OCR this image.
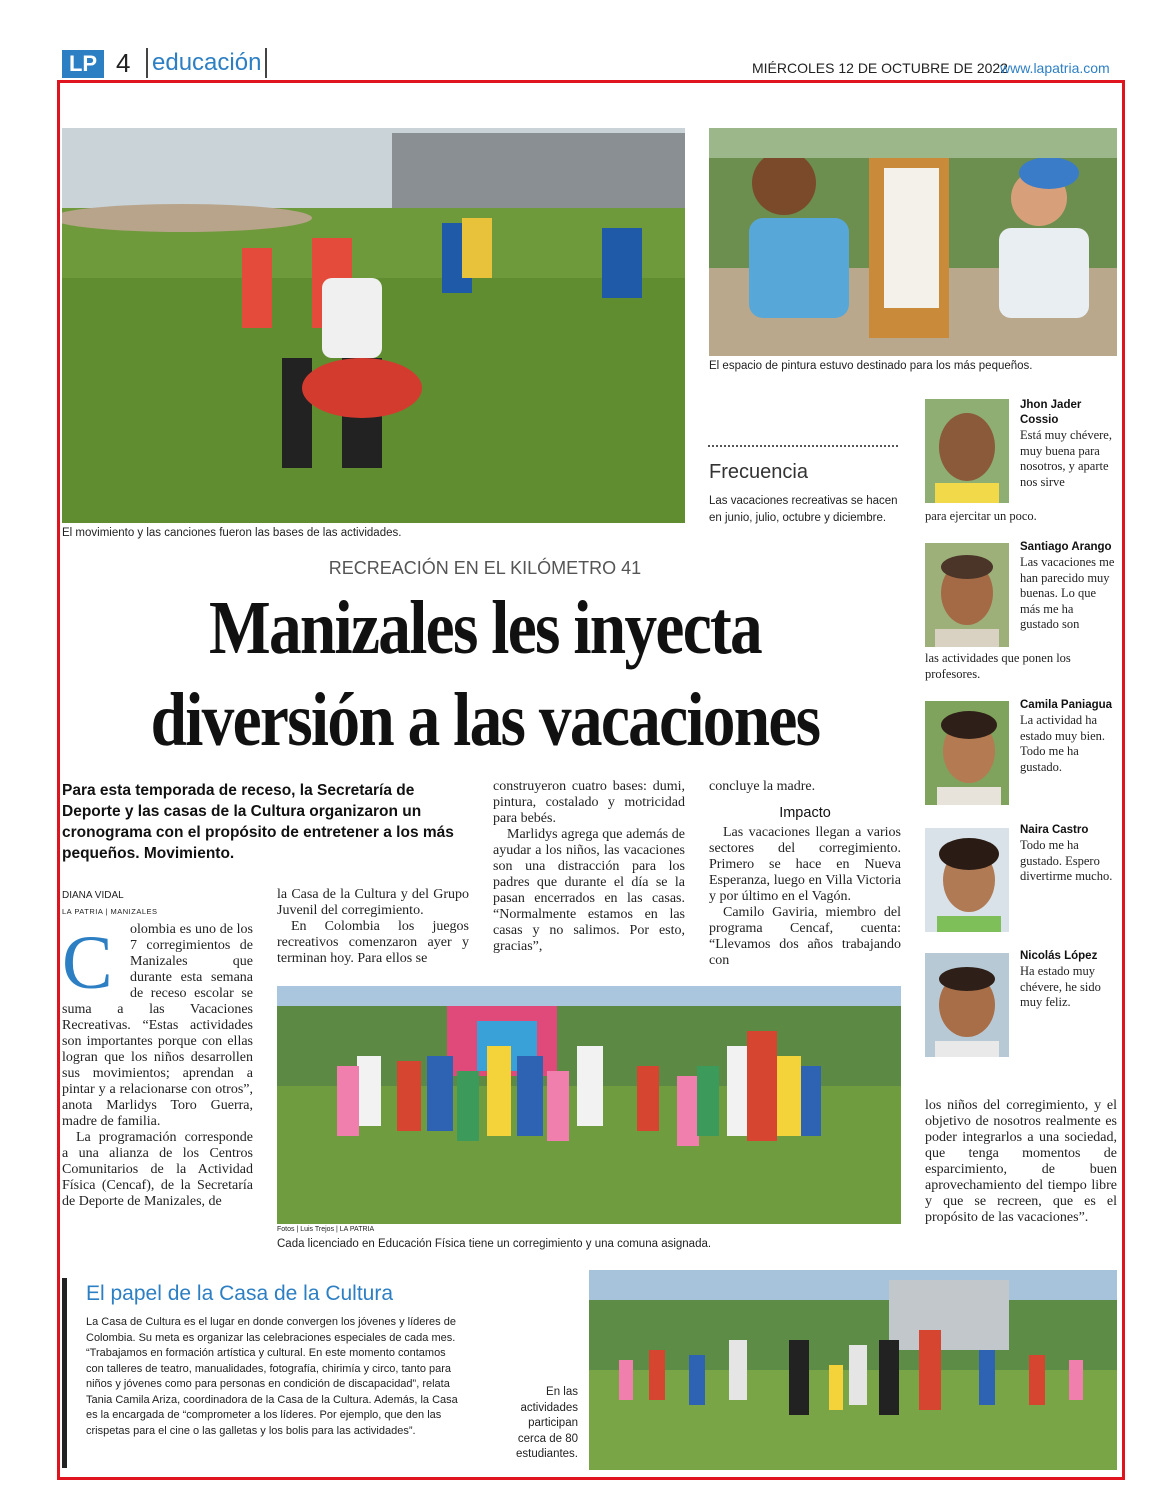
LP 4 educación	MIÉRCOLES 12 DE OCTUBRE DE 2022
www.lapatria.com
El movimiento y las canciones fueron las bases de las actividades.
El espacio de pintura estuvo destinado para los más pequeños.
Frecuencia
Las vacaciones recreativas se hacen en junio, julio, octubre y diciembre.
RECREACIÓN EN EL KILÓMETRO 41
Manizales les inyecta
diversión a las vacaciones
Para esta temporada de receso, la Secretaría de Deporte y las casas de la Cultura organizaron un cronograma con el propósito de entretener a los más pequeños. Movimiento.
DIANA VIDAL
LA PATRIA | MANIZALES
C	olombia es uno de los 7 corregimientos de Manizales que durante esta semana de receso escolar se suma a las Vacaciones Recreativas. “Estas actividades son importantes porque con ellas logran que los niños desarrollen sus movimientos; aprendan a pintar y a relacionarse con otros”, anota Marlidys Toro Guerra, madre de familia.
La programación corresponde a una alianza de los Centros Comunitarios de la Actividad Física (Cencaf), de la Secretaría de Deporte de Manizales, de
la Casa de la Cultura y del Grupo Juvenil del corregimiento.
En Colombia los juegos recreativos comenzaron ayer y terminan hoy. Para ellos se
construyeron cuatro bases: dumi, pintura, costalado y motricidad para bebés.
Marlidys agrega que además de ayudar a los niños, las vacaciones son una distracción para los padres que durante el día se la pasan encerrados en las casas. “Normalmente estamos en las casas y no salimos. Por esto, gracias”,
concluye la madre.
Impacto
Las vacaciones llegan a varios sectores del corregimiento. Primero se hace en Nueva Esperanza, luego en Villa Victoria y por último en el Vagón.
Camilo Gaviria, miembro del programa Cencaf, cuenta: “Llevamos dos años trabajando con
Fotos | Luis Trejos | LA PATRIA
Cada licenciado en Educación Física tiene un corregimiento y una comuna asignada.
Jhon Jader Cossio
Está muy chévere, muy buena para nosotros, y aparte nos sirve
para ejercitar un poco.
Santiago Arango
Las vacaciones me han parecido muy buenas. Lo que más me ha gustado son
las actividades que ponen los profesores.
Camila Paniagua
La actividad ha estado muy bien. Todo me ha gustado.
Naira Castro
Todo me ha gustado. Espero divertirme mucho.
Nicolás López
Ha estado muy chévere, he sido muy feliz.
los niños del corregimiento, y el objetivo de nosotros realmente es poder integrarlos a una sociedad, que tenga momentos de esparcimiento, de buen aprovechamiento del tiempo libre y que se recreen, que es el propósito de las vacaciones”.
El papel de la Casa de la Cultura
La Casa de Cultura es el lugar en donde convergen los jóvenes y líderes de Colombia. Su meta es organizar las celebraciones especiales de cada mes. “Trabajamos en formación artística y cultural. En este momento contamos con talleres de teatro, manualidades, fotografía, chirimía y circo, tanto para niños y jóvenes como para personas en condición de discapacidad”, relata Tania Camila Ariza, coordinadora de la Casa de la Cultura. Además, la Casa es la encargada de “comprometer a los líderes. Por ejemplo, que den las crispetas para el cine o las galletas y los bolis para las actividades”.
En las actividades participan cerca de 80 estudiantes.
